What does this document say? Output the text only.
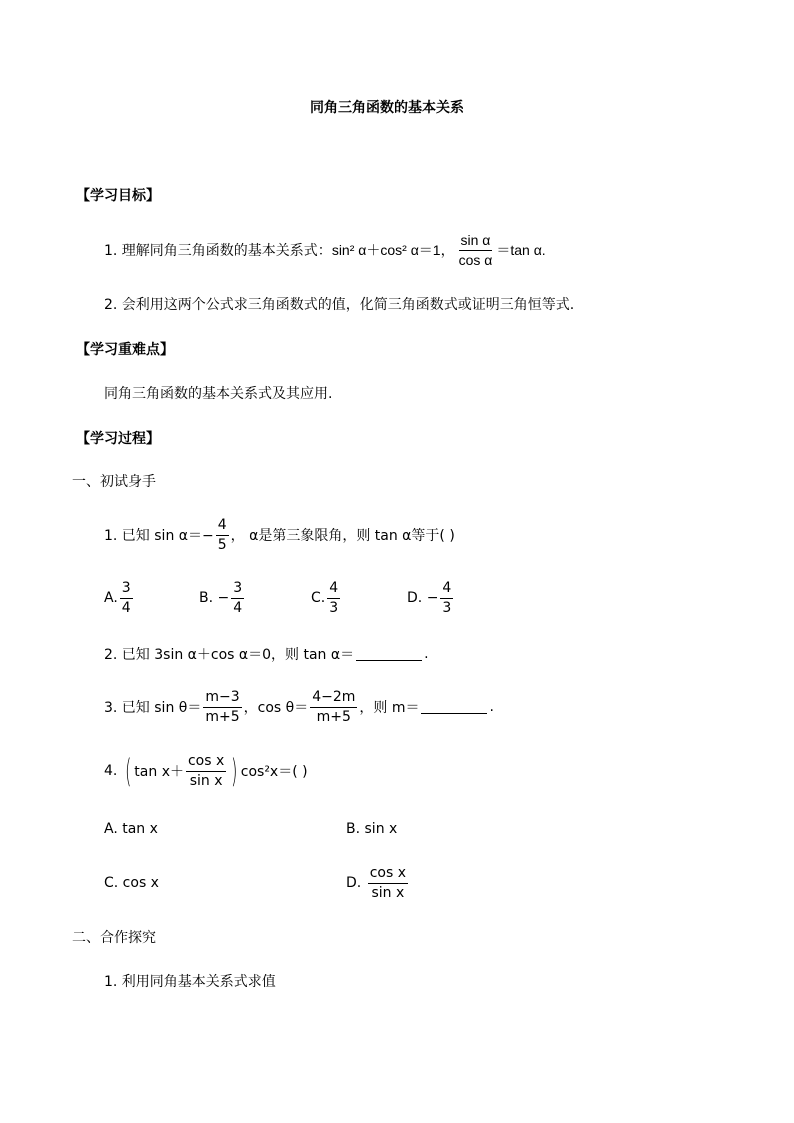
同角三角函数的基本关系
【学习目标】
1. 理解同角三角函数的基本关系式： sin² α＋cos² α＝1， $\frac{\text{sin α}}{\text{cos α}} =\tan$ α.
2. 会利用这两个公式求三角函数式的值，化简三角函数式或证明三角恒等式.
【学习重难点】
同角三角函数的基本关系式及其应用.
【学习过程】
一、初试身手
1. 已知 $\sin \alpha=- \frac{4}{5}$ ， α是第三象限角，则 tan α等于( )
A. $\frac{3}{4}$	B.
− $\frac{3}{4}$	C. $\frac{4}{3}$	D.
− $\frac{4}{3}$
2. 已知 3sin α＋cos α＝0，则 tan α＝	.
3. 已知 $\sin \theta= \frac{m-3}{m+5}$ ，$\cos \theta= \frac{4-2m}{m+5}$ ，则 m＝	.
4.
( $\tan x+ \frac{\text{cos x}}{\text{sin x}}$ ) cos²x＝( )
A. tan x	B. sin x
C. cos x	D.
$\frac{\text{cos x}}{\text{sin x}}$
二、合作探究
1. 利用同角基本关系式求值
